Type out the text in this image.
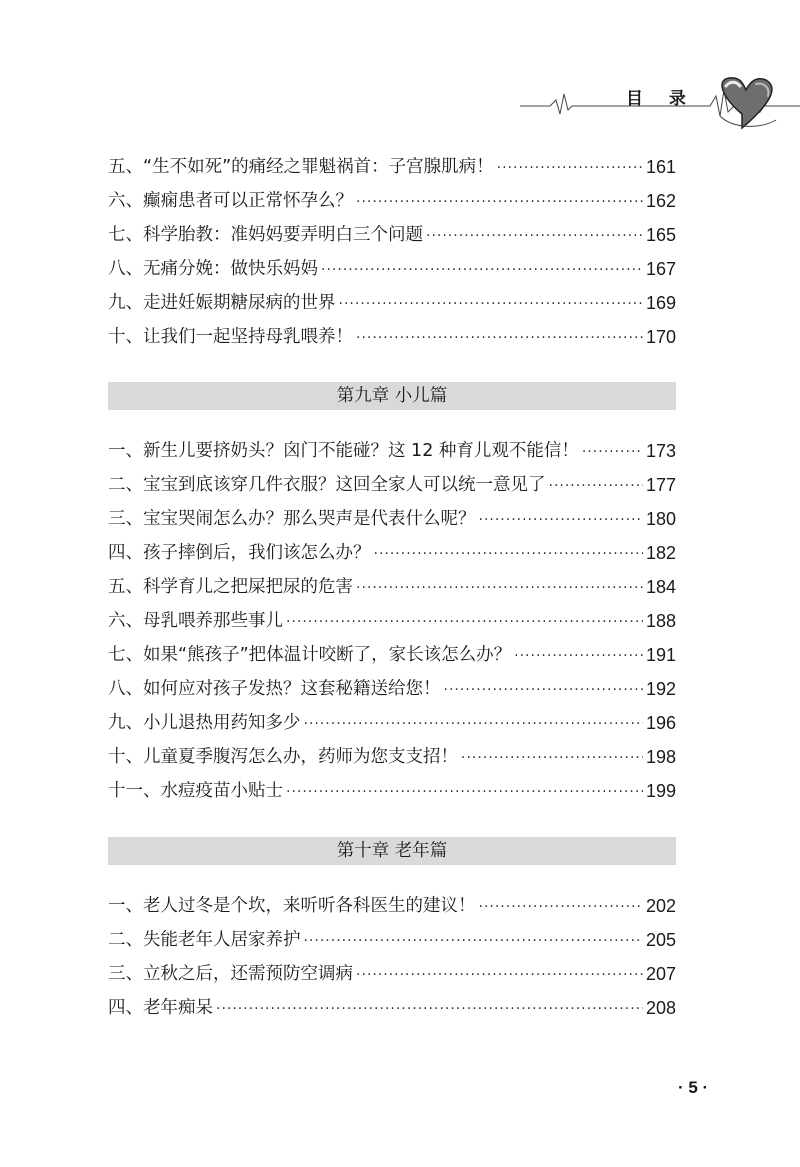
目 录
五、“生不如死”的痛经之罪魁祸首：子宫腺肌病！ ·····	161
六、癫痫患者可以正常怀孕么？ ·····	162
七、科学胎教：准妈妈要弄明白三个问题 ·····	165
八、无痛分娩：做快乐妈妈 ·····	167
九、走进妊娠期糖尿病的世界 ·····	169
十、让我们一起坚持母乳喂养！ ·····	170
第九章 小儿篇
一、新生儿要挤奶头？囟门不能碰？这 12 种育儿观不能信！ ·····	173
二、宝宝到底该穿几件衣服？这回全家人可以统一意见了 ·····	177
三、宝宝哭闹怎么办？那么哭声是代表什么呢？ ·····	180
四、孩子摔倒后，我们该怎么办？ ·····	182
五、科学育儿之把屎把尿的危害 ·····	184
六、母乳喂养那些事儿 ·····	188
七、如果“熊孩子”把体温计咬断了，家长该怎么办？ ·····	191
八、如何应对孩子发热？这套秘籍送给您！ ·····	192
九、小儿退热用药知多少 ·····	196
十、儿童夏季腹泻怎么办，药师为您支支招！ ·····	198
十一、水痘疫苗小贴士 ·····	199
第十章 老年篇
一、老人过冬是个坎，来听听各科医生的建议！ ·····	202
二、失能老年人居家养护 ·····	205
三、立秋之后，还需预防空调病 ·····	207
四、老年痴呆 ·····	208
· 5 ·
